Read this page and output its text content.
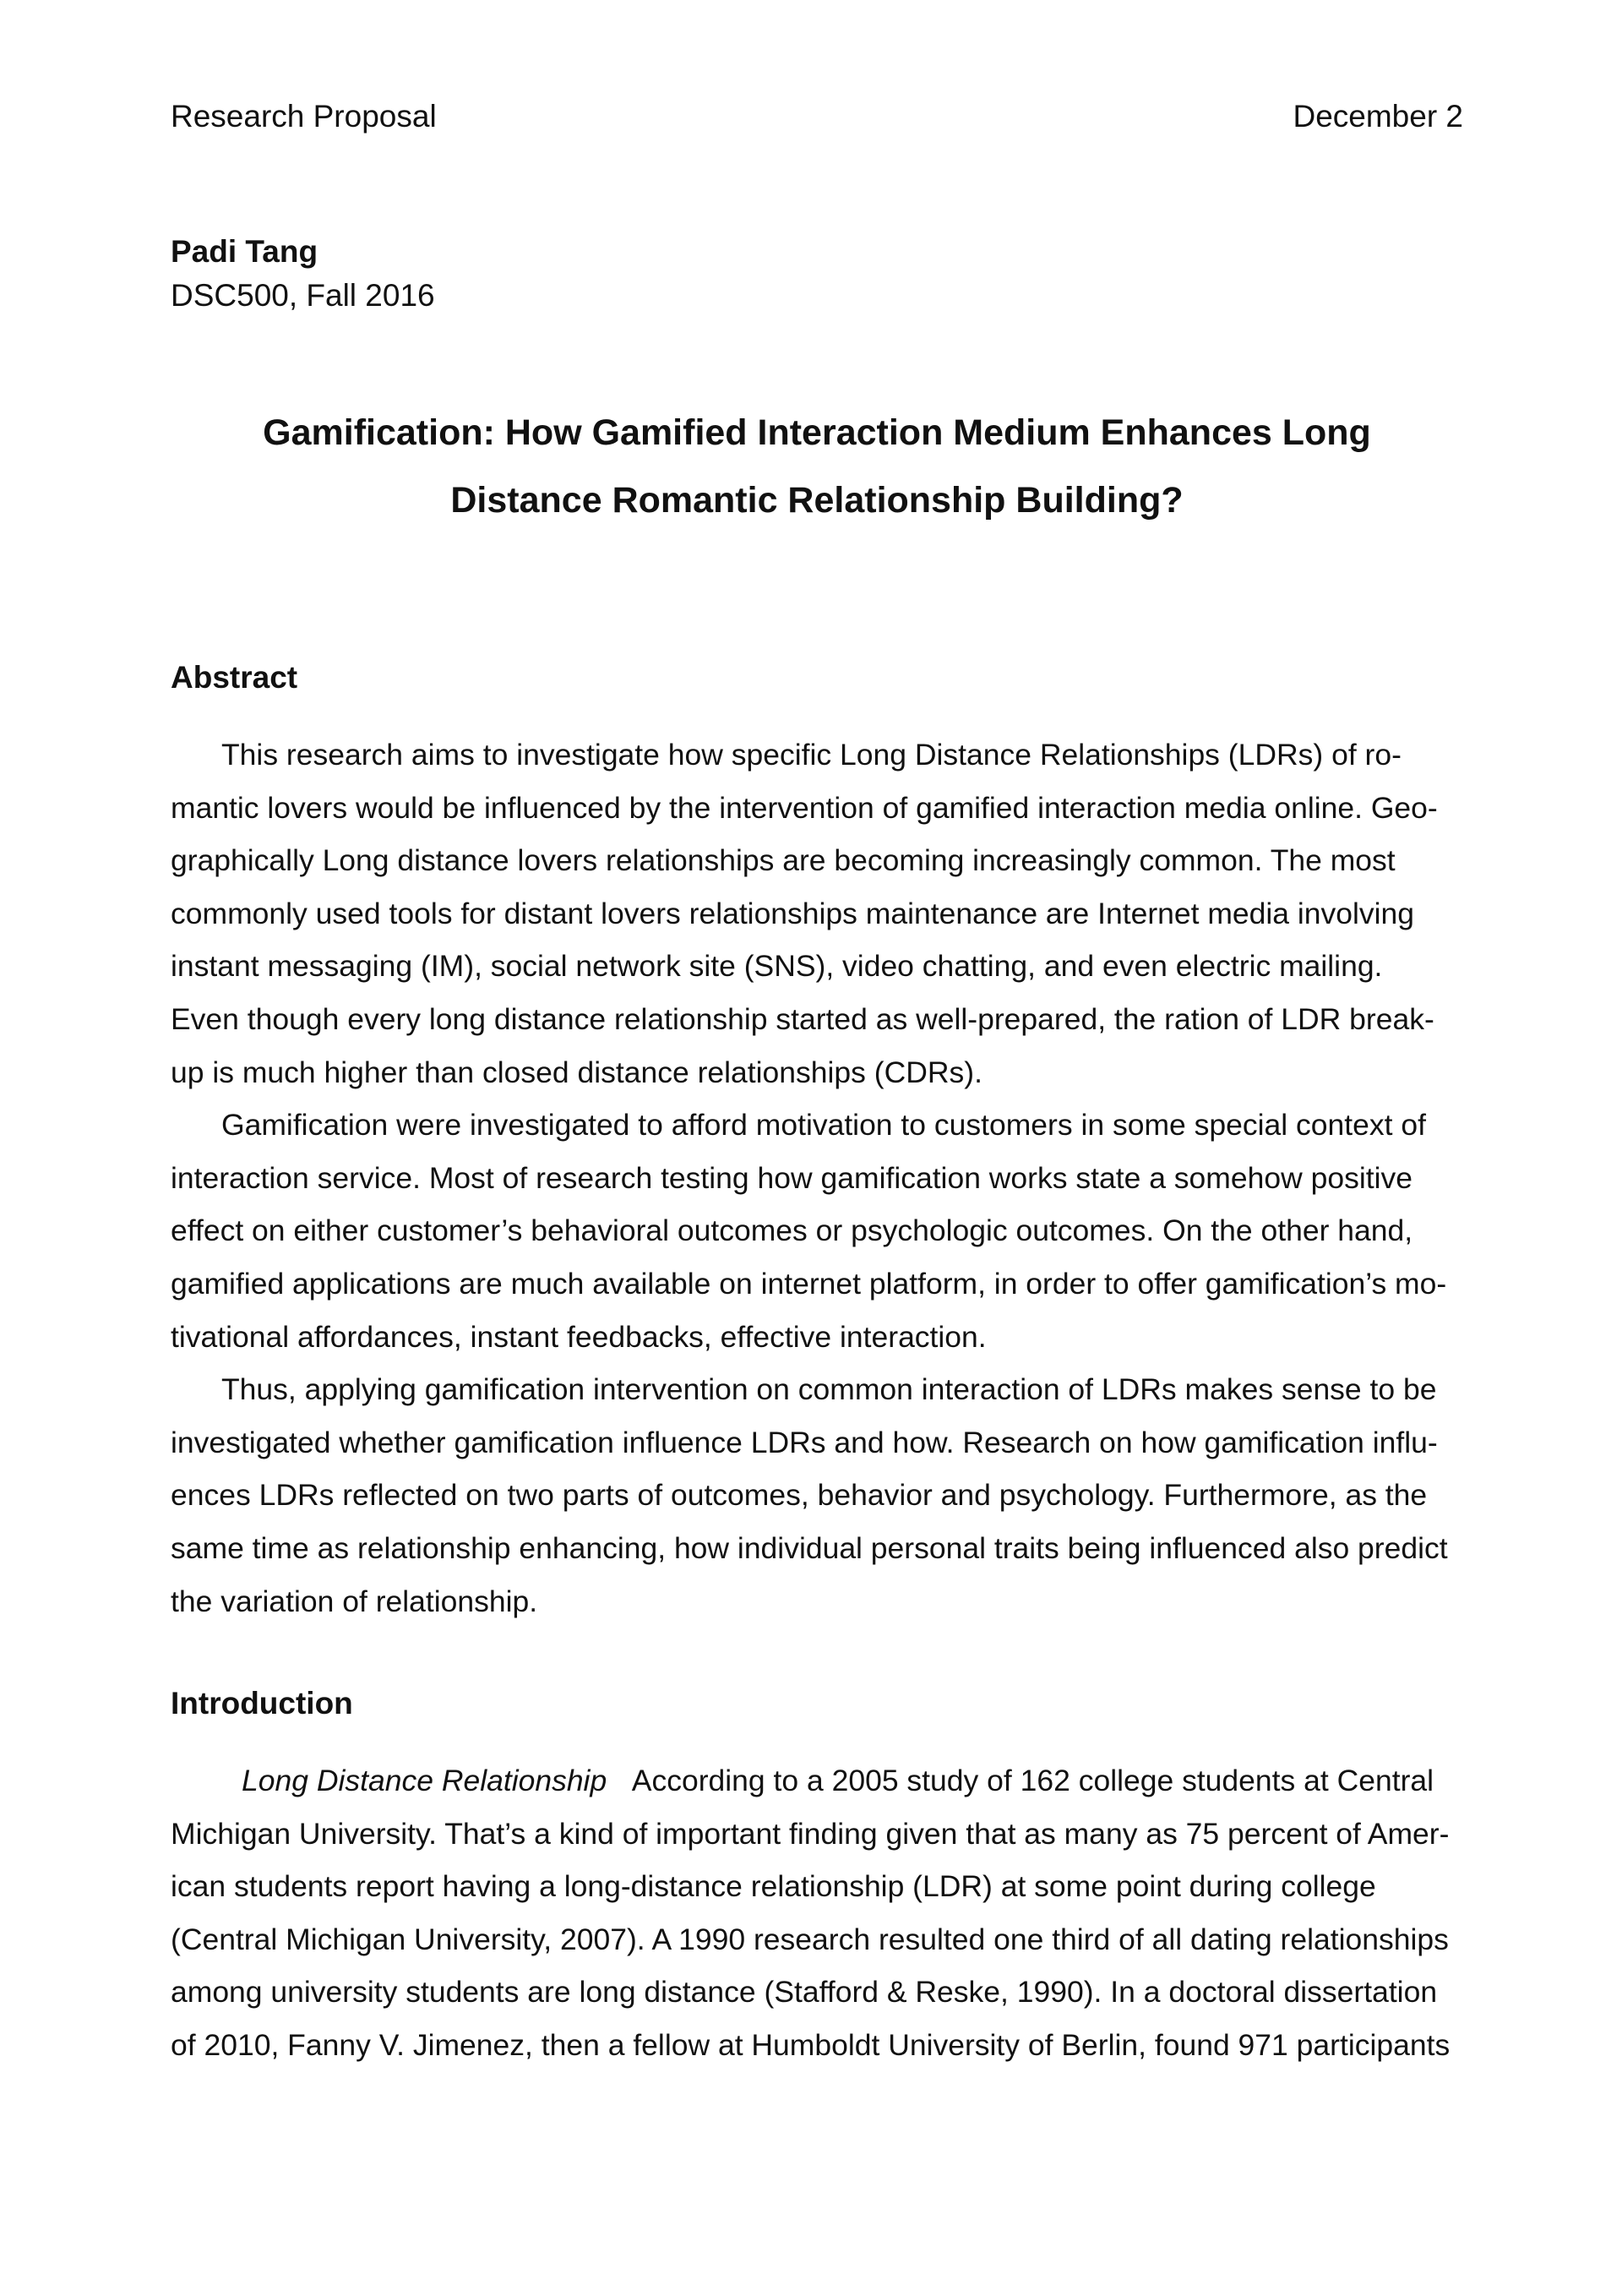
Research Proposal	December 2
Padi Tang
DSC500, Fall 2016
Gamification: How Gamified Interaction Medium Enhances Long
Distance Romantic Relationship Building?
Abstract
This research aims to investigate how specific Long Distance Relationships (LDRs) of ro-
mantic lovers would be influenced by the intervention of gamified interaction media online. Geo-
graphically Long distance lovers relationships are becoming increasingly common. The most
commonly used tools for distant lovers relationships maintenance are Internet media involving
instant messaging (IM), social network site (SNS), video chatting, and even electric mailing.
Even though every long distance relationship started as well-prepared, the ration of LDR break-
up is much higher than closed distance relationships (CDRs).
Gamification were investigated to afford motivation to customers in some special context of
interaction service. Most of research testing how gamification works state a somehow positive
effect on either customer’s behavioral outcomes or psychologic outcomes. On the other hand,
gamified applications are much available on internet platform, in order to offer gamification’s mo-
tivational affordances, instant feedbacks, effective interaction.
Thus, applying gamification intervention on common interaction of LDRs makes sense to be
investigated whether gamification influence LDRs and how. Research on how gamification influ-
ences LDRs reflected on two parts of outcomes, behavior and psychology. Furthermore, as the
same time as relationship enhancing, how individual personal traits being influenced also predict
the variation of relationship.
Introduction
Long Distance Relationship According to a 2005 study of 162 college students at Central
Michigan University. That’s a kind of important finding given that as many as 75 percent of Amer-
ican students report having a long-distance relationship (LDR) at some point during college
(Central Michigan University, 2007). A 1990 research resulted one third of all dating relationships
among university students are long distance (Stafford & Reske, 1990). In a doctoral dissertation
of 2010, Fanny V. Jimenez, then a fellow at Humboldt University of Berlin, found 971 participants
